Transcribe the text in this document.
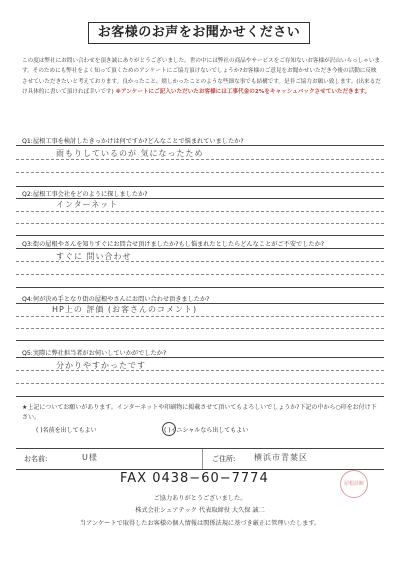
お客様のお声をお聞かせください
この度は弊社にお問い合わせを頂き誠にありがとうございました。世の中には弊社の商品やサービスをご存知ないお客様が沢山いらっしゃいます。そのためにも弊社をよく知って頂くためのアンケートにご協力頂けないでしょうか?お客様のご意見をお聞かせいただき今後の活動に反映させていただきたいと考えております。良かったこと、嬉しかったことのような些細な事でも結構です。是非ご協力お願い致します。(出来るだけ具体的に書いて頂ければ幸いです) ※アンケートにご記入いただいたお客様には工事代金の2%をキャッシュバックさせていただきます。
Q1:屋根工事を検討したきっかけは何ですか?どんなことで悩まれていましたか?
雨もりしているのが 気になったため
Q2:屋根工事会社をどのように探しましたか?
インターネット
Q3:街の屋根やさんを知りすぐにお問合せ頂けましたか?もし悩まれたとしたらどんなことがご不安でしたか?
すぐに 問い合わせ
Q4:何が決め手となり街の屋根やさんにお問い合わせ頂きましたか?
HP上の 評価 (お客さんのコメント)
Q5:実際に弊社担当者がお伺いしていかがでしたか?
分かりやすかったです
★上記についてお願いがあります。インターネットや印刷物に掲載させて頂いてもよろしいでしょうか?下記の中から○印をお付け下さい。
( )名前を出してもよい	( )イニシャルなら出してもよい
お名前:	U様	ご住所: 横浜市青葉区
FAX 0438−60−7774	屋根診断
ご協力ありがとうございました。
株式会社シェアテック 代表取締役 大久保 誠二
当アンケートで取得したお客様の個人情報は関係法規に基づき厳正に管理いたします。
